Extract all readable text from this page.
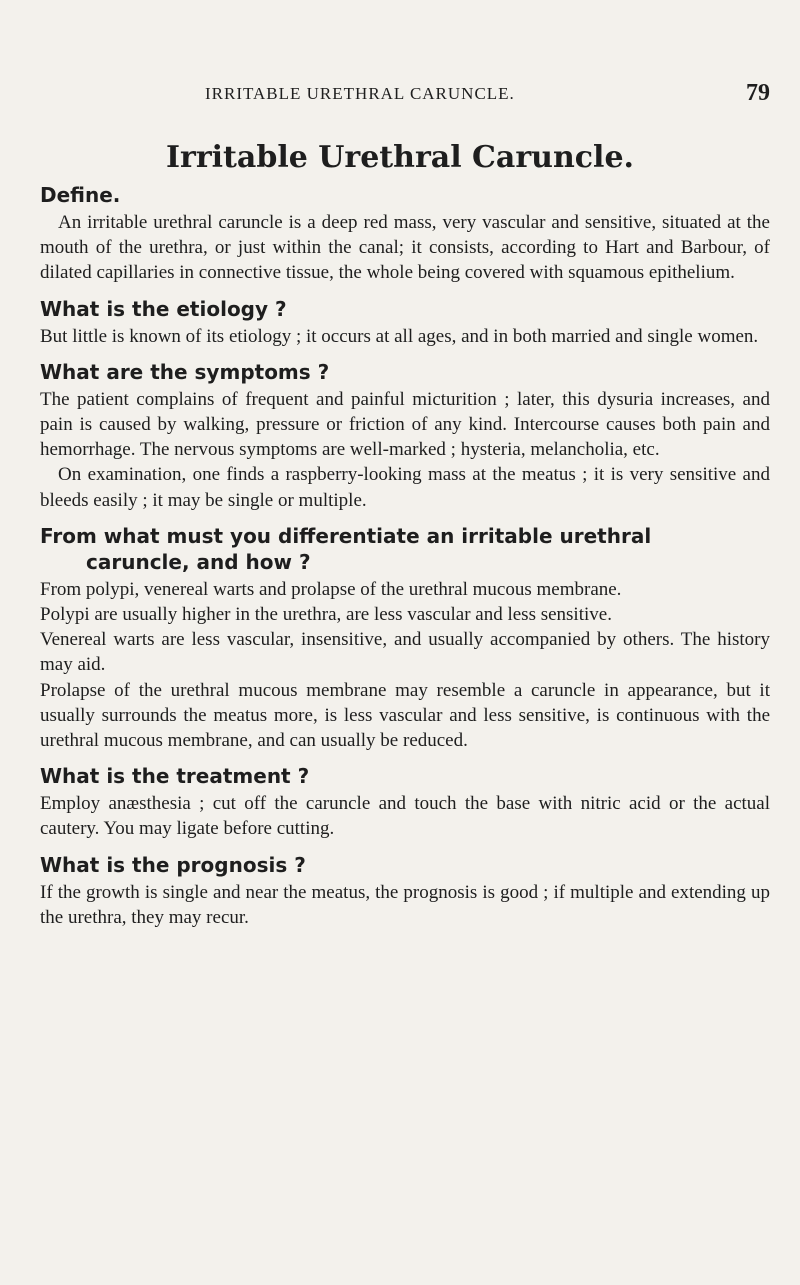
IRRITABLE URETHRAL CARUNCLE.	79
Irritable Urethral Caruncle.
Define.

An irritable urethral caruncle is a deep red mass, very vascular and sensitive, situated at the mouth of the urethra, or just within the canal; it consists, according to Hart and Barbour, of dilated capillaries in connective tissue, the whole being covered with squamous epithelium.

What is the etiology ?

But little is known of its etiology ; it occurs at all ages, and in both married and single women.

What are the symptoms ?

The patient complains of frequent and painful micturition ; later, this dysuria increases, and pain is caused by walking, pressure or friction of any kind. Intercourse causes both pain and hemorrhage. The nervous symptoms are well-marked ; hysteria, melancholia, etc.

On examination, one finds a raspberry-looking mass at the meatus ; it is very sensitive and bleeds easily ; it may be single or multiple.

From what must you differentiate an irritable urethral
caruncle, and how ?

From polypi, venereal warts and prolapse of the urethral mucous membrane.

Polypi are usually higher in the urethra, are less vascular and less sensitive.

Venereal warts are less vascular, insensitive, and usually accompanied by others. The history may aid.

Prolapse of the urethral mucous membrane may resemble a caruncle in appearance, but it usually surrounds the meatus more, is less vascular and less sensitive, is continuous with the urethral mucous membrane, and can usually be reduced.

What is the treatment ?

Employ anæsthesia ; cut off the caruncle and touch the base with nitric acid or the actual cautery. You may ligate before cutting.

What is the prognosis ?

If the growth is single and near the meatus, the prognosis is good ; if multiple and extending up the urethra, they may recur.
